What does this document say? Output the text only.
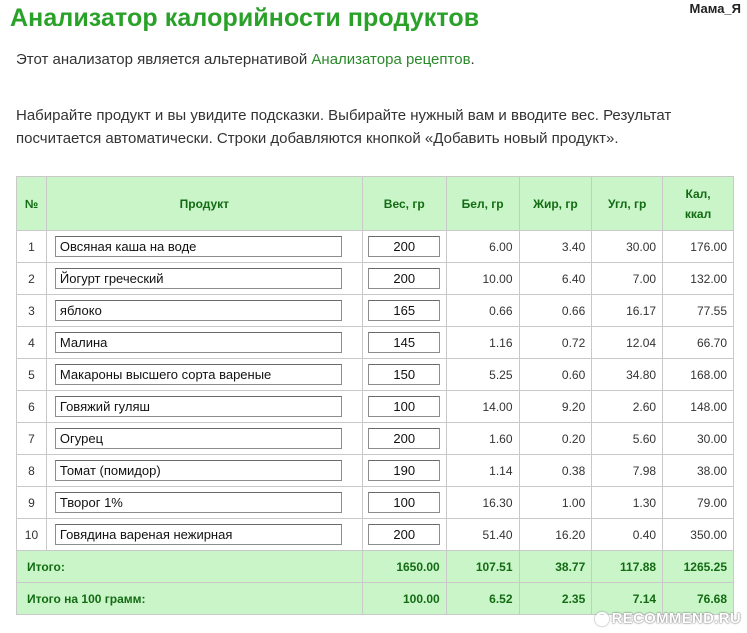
Мама_Я
Анализатор калорийности продуктов
Этот анализатор является альтернативой Анализатора рецептов.
Набирайте продукт и вы увидите подсказки. Выбирайте нужный вам и вводите вес. Результат посчитается автоматически. Строки добавляются кнопкой «Добавить новый продукт».
№	Продукт	Вес, гр	Бел, гр	Жир, гр	Угл, гр	Кал,
ккал
1	Овсяная каша на воде	200	6.00	3.40	30.00	176.00
2	Йогурт греческий	200	10.00	6.40	7.00	132.00
3	яблоко	165	0.66	0.66	16.17	77.55
4	Малина	145	1.16	0.72	12.04	66.70
5	Макароны высшего сорта вареные	150	5.25	0.60	34.80	168.00
6	Говяжий гуляш	100	14.00	9.20	2.60	148.00
7	Огурец	200	1.60	0.20	5.60	30.00
8	Томат (помидор)	190	1.14	0.38	7.98	38.00
9	Творог 1%	100	16.30	1.00	1.30	79.00
10	Говядина вареная нежирная	200	51.40	16.20	0.40	350.00
Итого:		1650.00	107.51	38.77	117.88	1265.25
Итого на 100 грамм:		100.00	6.52	2.35	7.14	76.68
RECOMMEND.RU
